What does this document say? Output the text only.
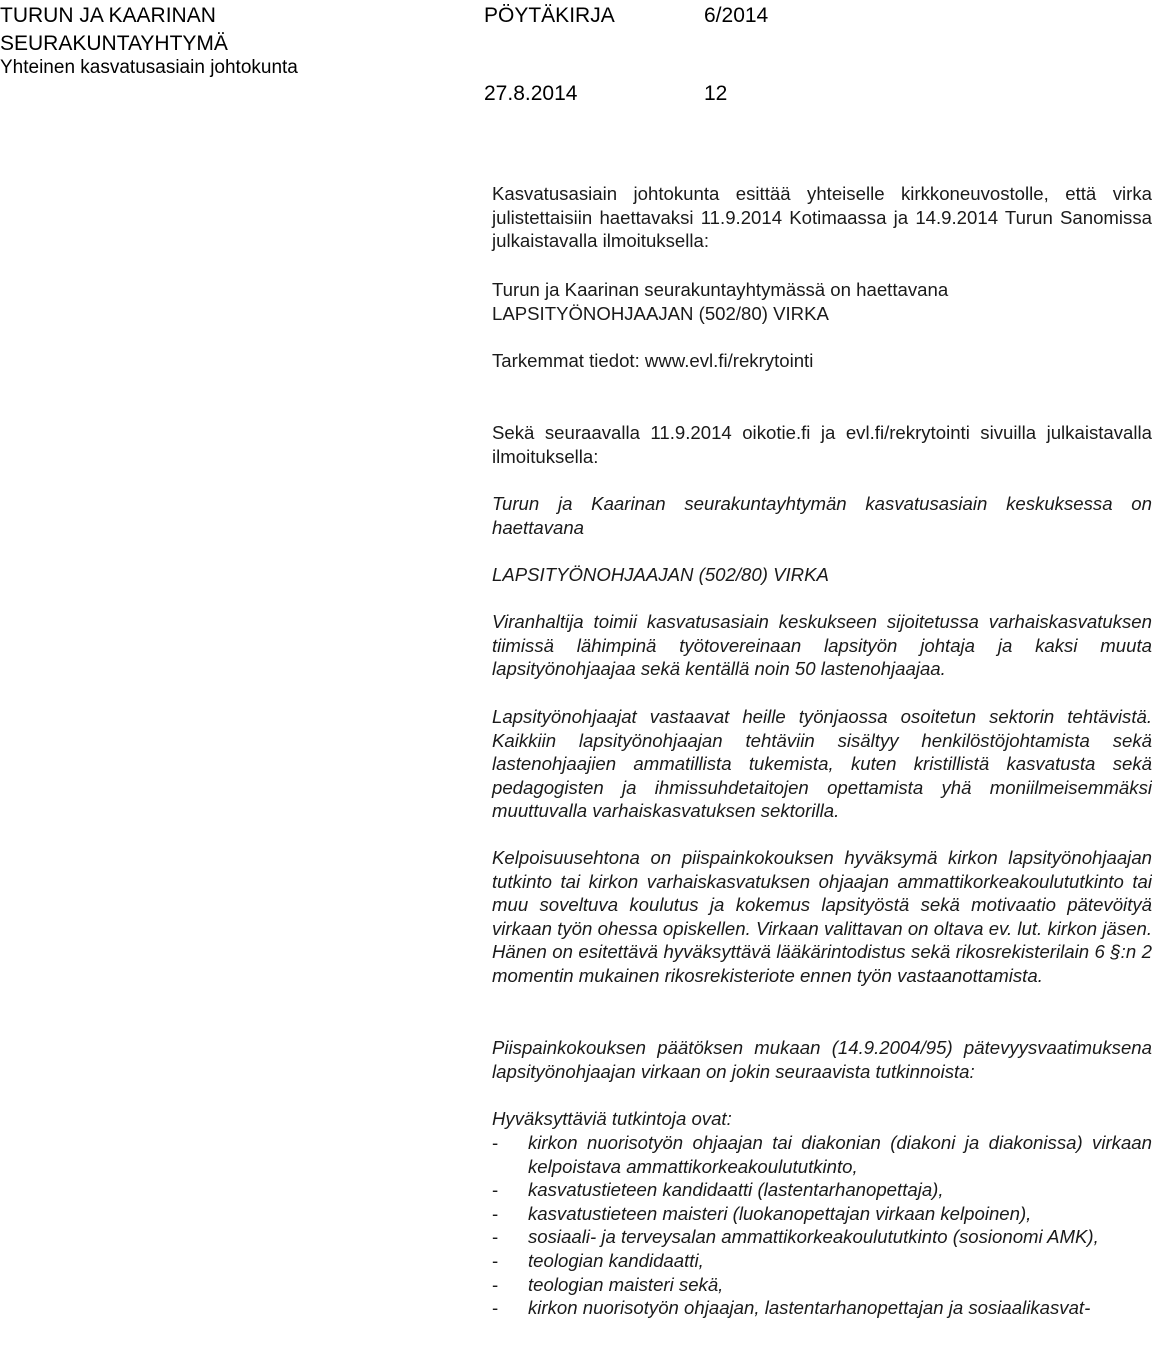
TURUN JA KAARINAN
SEURAKUNTAYHTYMÄ
Yhteinen kasvatusasiain johtokunta
PÖYTÄKIRJA	6/2014
27.8.2014	12

Kasvatusasiain johtokunta esittää yhteiselle kirkkoneuvostolle, että virka julistettaisiin haettavaksi 11.9.2014 Kotimaassa ja 14.9.2014 Turun Sanomissa julkaistavalla ilmoituksella:

Turun ja Kaarinan seurakuntayhtymässä on haettavana LAPSITYÖNOHJAAJAN (502/80) VIRKA

Tarkemmat tiedot: www.evl.fi/rekrytointi

Sekä seuraavalla 11.9.2014 oikotie.fi ja evl.fi/rekrytointi sivuilla julkaistavalla ilmoituksella:

Turun ja Kaarinan seurakuntayhtymän kasvatusasiain keskuksessa on haettavana

LAPSITYÖNOHJAAJAN (502/80) VIRKA

Viranhaltija toimii kasvatusasiain keskukseen sijoitetussa varhaiskasvatuksen tiimissä lähimpinä työtovereinaan lapsityön johtaja ja kaksi muuta lapsityönohjaajaa sekä kentällä noin 50 lastenohjaajaa.

Lapsityönohjaajat vastaavat heille työnjaossa osoitetun sektorin tehtävistä. Kaikkiin lapsityönohjaajan tehtäviin sisältyy henkilöstöjohtamista sekä lastenohjaajien ammatillista tukemista, kuten kristillistä kasvatusta sekä pedagogisten ja ihmissuhdetaitojen opettamista yhä moniilmeisemmäksi muuttuvalla varhaiskasvatuksen sektorilla.

Kelpoisuusehtona on piispainkokouksen hyväksymä kirkon lapsityönohjaajan tutkinto tai kirkon varhaiskasvatuksen ohjaajan ammattikorkeakoulututkinto tai muu soveltuva koulutus ja kokemus lapsityöstä sekä motivaatio pätevöityä virkaan työn ohessa opiskellen. Virkaan valittavan on oltava ev. lut. kirkon jäsen. Hänen on esitettävä hyväksyttävä lääkärintodistus sekä rikosrekisterilain 6 §:n 2 momentin mukainen rikosrekisteriote ennen työn vastaanottamista.

Piispainkokouksen päätöksen mukaan (14.9.2004/95) pätevyysvaatimuksena lapsityönohjaajan virkaan on jokin seuraavista tutkinnoista:

Hyväksyttäviä tutkintoja ovat:

- kirkon nuorisotyön ohjaajan tai diakonian (diakoni ja diakonissa) virkaan kelpoistava ammattikorkeakoulututkinto,
- kasvatustieteen kandidaatti (lastentarhanopettaja),
- kasvatustieteen maisteri (luokanopettajan virkaan kelpoinen),
- sosiaali- ja terveysalan ammattikorkeakoulututkinto (sosionomi AMK),
- teologian kandidaatti,
- teologian maisteri sekä,
- kirkon nuorisotyön ohjaajan, lastentarhanopettajan ja sosiaalikasvat-
